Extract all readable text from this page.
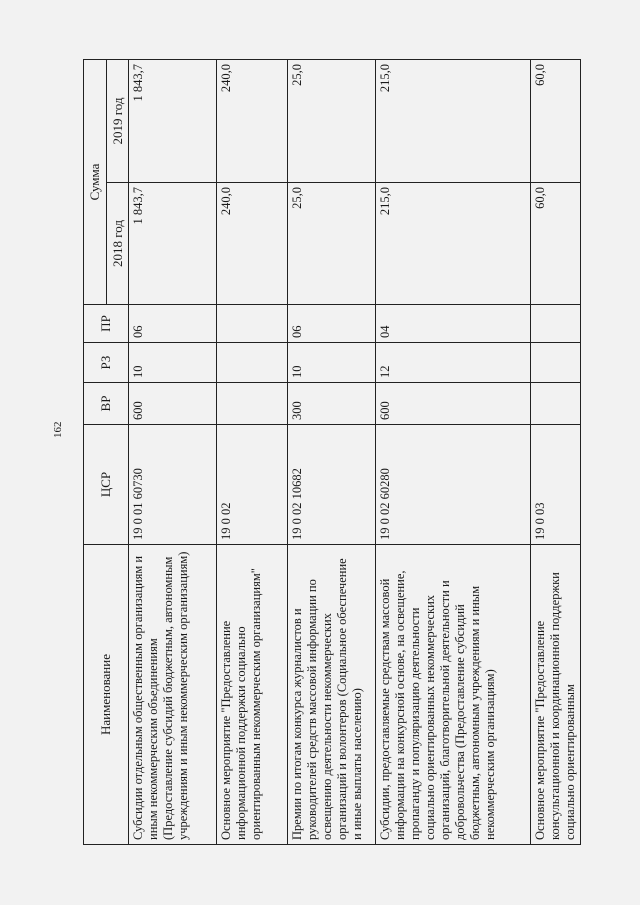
162
Наименование	ЦСР	ВР	РЗ	ПР	Сумма	
					2018 год	2019 год
Субсидии отдельным общественным организациям и иным некоммерческим объединениям (Предоставление субсидий бюджетным, автономным учреждениям и иным некоммерческим организациям)	19 0 01 60730	600	10	06	1 843,7	1 843,7
Основное мероприятие "Предоставление информационной поддержки социально ориентированным некоммерческим организациям"	19 0 02				240,0	240,0
Премии по итогам конкурса журналистов и руководителей средств массовой информации по освещению деятельности некоммерческих организаций и волонтеров (Социальное обеспечение и иные выплаты населению)	19 0 02 10682	300	10	06	25,0	25,0
Субсидии, предоставляемые средствам массовой информации на конкурсной основе, на освещение, пропаганду и популяризацию деятельности социально ориентированных некоммерческих организаций, благотворительной деятельности и добровольчества (Предоставление субсидий бюджетным, автономным учреждениям и иным некоммерческим организациям)	19 0 02 60280	600	12	04	215,0	215,0
Основное мероприятие "Предоставление консультационной и координационной поддержки социально ориентированным	19 0 03				60,0	60,0
